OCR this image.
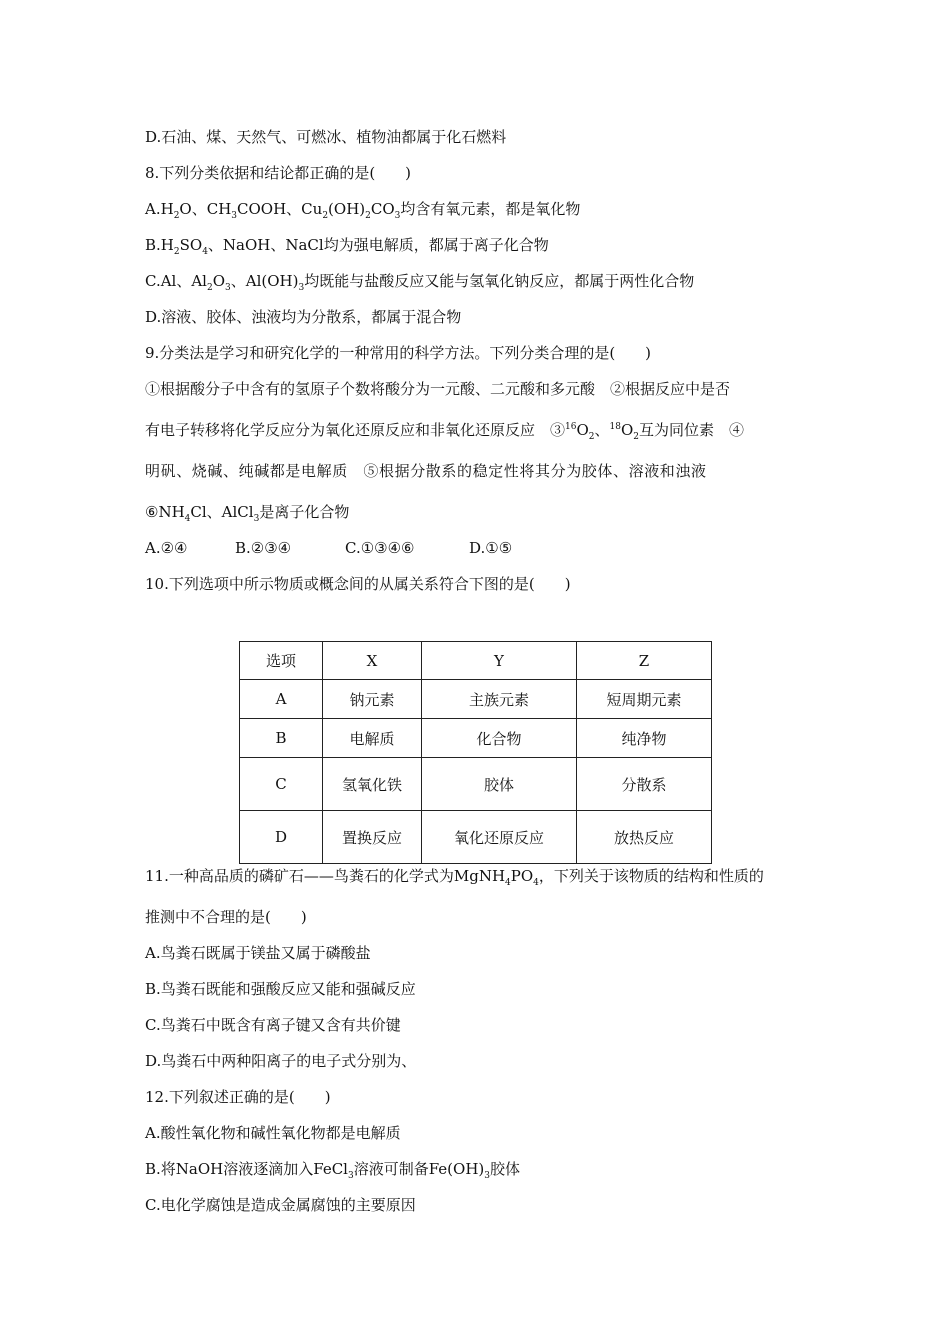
D.石油、煤、天然气、可燃冰、植物油都属于化石燃料
8.下列分类依据和结论都正确的是(　　)
$A.H_2O$、$CH_3COOH$、$Cu_2(OH)_2CO_3$均含有氧元素，都是氧化物
$B.H_2SO_4$、NaOH、NaCl均为强电解质，都属于离子化合物
C.Al、$Al_2O_3$、$Al(OH)_3$均既能与盐酸反应又能与氢氧化钠反应，都属于两性化合物
D.溶液、胶体、浊液均为分散系，都属于混合物
9.分类法是学习和研究化学的一种常用的科学方法。下列分类合理的是(　　)
①根据酸分子中含有的氢原子个数将酸分为一元酸、二元酸和多元酸　②根据反应中是否
有电子转移将化学反应分为氧化还原反应和非氧化还原反应　$③^{16}O_2$、$^{18}O_2$互为同位素　④
明矾、烧碱、纯碱都是电解质　⑤根据分散系的稳定性将其分为胶体、溶液和浊液
$⑥NH_4Cl$、AlCl$_3$是离子化合物
A.②④	B.②③④	C.①③④⑥	D.①⑤
10.下列选项中所示物质或概念间的从属关系符合下图的是(　　)
选项	X	Y	Z
A	钠元素	主族元素	短周期元素
B	电解质	化合物	纯净物
C	氢氧化铁	胶体	分散系
D	置换反应	氧化还原反应	放热反应
11.一种高品质的磷矿石——鸟粪石的化学式为$MgNH_4PO_4$，下列关于该物质的结构和性质的
推测中不合理的是(　　)
A.鸟粪石既属于镁盐又属于磷酸盐
B.鸟粪石既能和强酸反应又能和强碱反应
C.鸟粪石中既含有离子键又含有共价键
D.鸟粪石中两种阳离子的电子式分别为、
12.下列叙述正确的是(　　)
A.酸性氧化物和碱性氧化物都是电解质
B.将NaOH溶液逐滴加入FeCl$_3$溶液可制备$Fe(OH)_3$胶体
C.电化学腐蚀是造成金属腐蚀的主要原因
